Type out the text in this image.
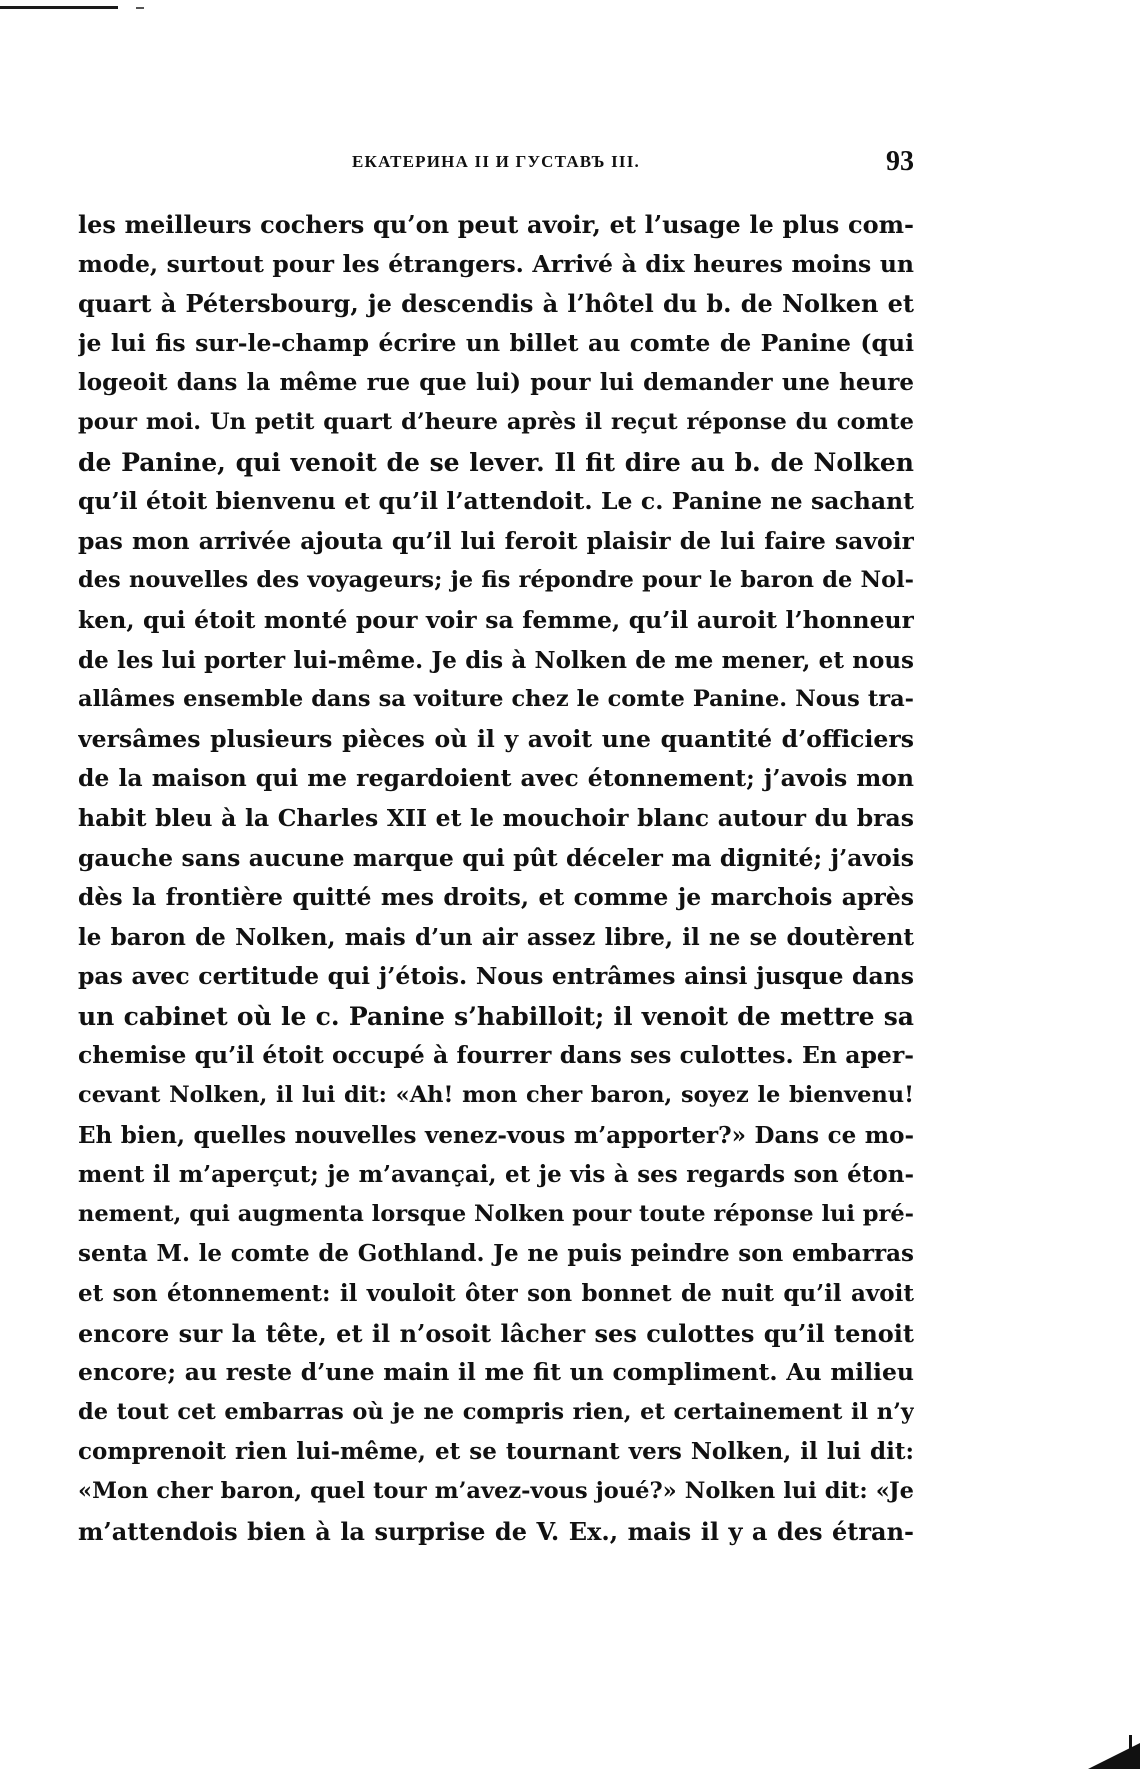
ЕКАТЕРИНА II И ГУСТАВЪ III.	93
les meilleurs cochers qu’on peut avoir, et l’usage le plus com-
mode, surtout pour les étrangers. Arrivé à dix heures moins un
quart à Pétersbourg, je descendis à l’hôtel du b. de Nolken et
je lui fis sur-le-champ écrire un billet au comte de Panine (qui
logeoit dans la même rue que lui) pour lui demander une heure
pour moi. Un petit quart d’heure après il reçut réponse du comte
de Panine, qui venoit de se lever. Il fit dire au b. de Nolken
qu’il étoit bienvenu et qu’il l’attendoit. Le c. Panine ne sachant
pas mon arrivée ajouta qu’il lui feroit plaisir de lui faire savoir
des nouvelles des voyageurs; je fis répondre pour le baron de Nol-
ken, qui étoit monté pour voir sa femme, qu’il auroit l’honneur
de les lui porter lui-même. Je dis à Nolken de me mener, et nous
allâmes ensemble dans sa voiture chez le comte Panine. Nous tra-
versâmes plusieurs pièces où il y avoit une quantité d’officiers
de la maison qui me regardoient avec étonnement; j’avois mon
habit bleu à la Charles XII et le mouchoir blanc autour du bras
gauche sans aucune marque qui pût déceler ma dignité; j’avois
dès la frontière quitté mes droits, et comme je marchois après
le baron de Nolken, mais d’un air assez libre, il ne se doutèrent
pas avec certitude qui j’étois. Nous entrâmes ainsi jusque dans
un cabinet où le c. Panine s’habilloit; il venoit de mettre sa
chemise qu’il étoit occupé à fourrer dans ses culottes. En aper-
cevant Nolken, il lui dit: «Ah! mon cher baron, soyez le bienvenu!
Eh bien, quelles nouvelles venez-vous m’apporter?» Dans ce mo-
ment il m’aperçut; je m’avançai, et je vis à ses regards son éton-
nement, qui augmenta lorsque Nolken pour toute réponse lui pré-
senta M. le comte de Gothland. Je ne puis peindre son embarras
et son étonnement: il vouloit ôter son bonnet de nuit qu’il avoit
encore sur la tête, et il n’osoit lâcher ses culottes qu’il tenoit
encore; au reste d’une main il me fit un compliment. Au milieu
de tout cet embarras où je ne compris rien, et certainement il n’y
comprenoit rien lui-même, et se tournant vers Nolken, il lui dit:
«Mon cher baron, quel tour m’avez-vous joué?» Nolken lui dit: «Je
m’attendois bien à la surprise de V. Ex., mais il y a des étran-
